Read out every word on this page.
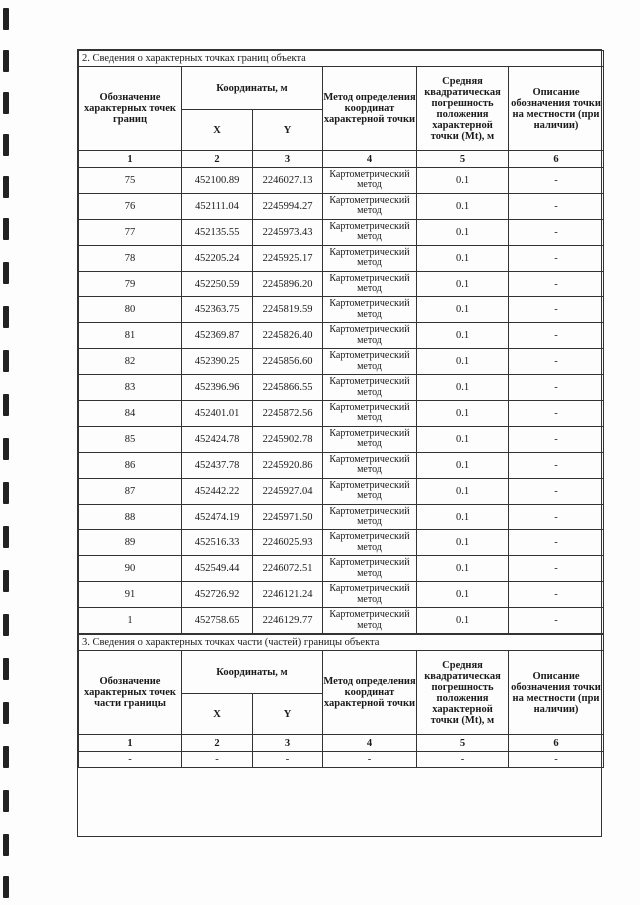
2. Сведения о характерных точках границ объекта					
Обозначение характерных точек границ	Координаты, м		Метод определения координат характерной точки	Средняя квадратическая погрешность положения характерной точки (Mt), м	Описание обозначения точки на местности (при наличии)
	X	Y			
1	2	3	4	5	6
75	452100.89	2246027.13	Картометрический метод	0.1	-
76	452111.04	2245994.27	Картометрический метод	0.1	-
77	452135.55	2245973.43	Картометрический метод	0.1	-
78	452205.24	2245925.17	Картометрический метод	0.1	-
79	452250.59	2245896.20	Картометрический метод	0.1	-
80	452363.75	2245819.59	Картометрический метод	0.1	-
81	452369.87	2245826.40	Картометрический метод	0.1	-
82	452390.25	2245856.60	Картометрический метод	0.1	-
83	452396.96	2245866.55	Картометрический метод	0.1	-
84	452401.01	2245872.56	Картометрический метод	0.1	-
85	452424.78	2245902.78	Картометрический метод	0.1	-
86	452437.78	2245920.86	Картометрический метод	0.1	-
87	452442.22	2245927.04	Картометрический метод	0.1	-
88	452474.19	2245971.50	Картометрический метод	0.1	-
89	452516.33	2246025.93	Картометрический метод	0.1	-
90	452549.44	2246072.51	Картометрический метод	0.1	-
91	452726.92	2246121.24	Картометрический метод	0.1	-
1	452758.65	2246129.77	Картометрический метод	0.1	-
3. Сведения о характерных точках части (частей) границы объекта					
Обозначение характерных точек части границы	Координаты, м		Метод определения координат характерной точки	Средняя квадратическая погрешность положения характерной точки (Mt), м	Описание обозначения точки на местности (при наличии)
	X	Y			
1	2	3	4	5	6
-	-	-	-	-	-
